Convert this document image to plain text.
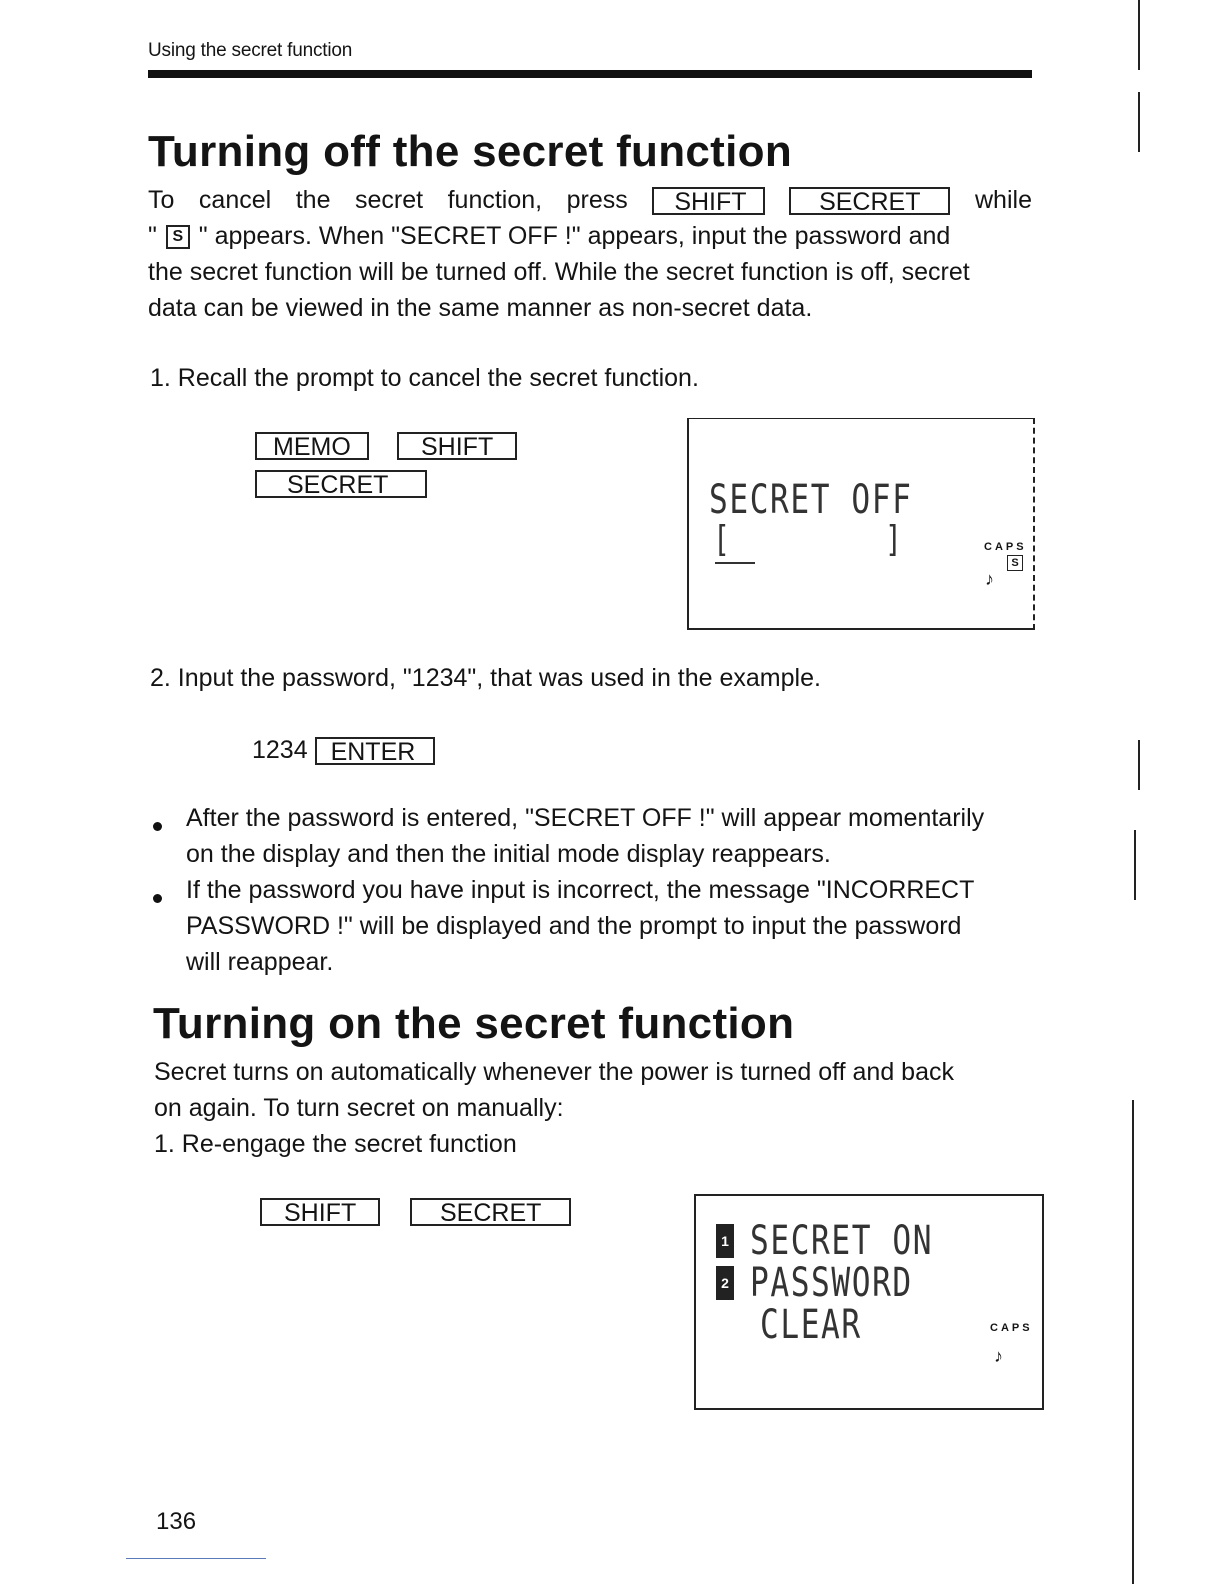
Using the secret function
Turning off the secret function
To cancel the secret function, press SHIFT	SECRET while
" S " appears. When "SECRET OFF !" appears, input the password and
the secret function will be turned off. While the secret function is off, secret
data can be viewed in the same manner as non-secret data.
1. Recall the prompt to cancel the secret function.
MEMO	SHIFT
SECRET	SECRET OFF
[	]	CAPS
S
♪
2. Input the password, "1234", that was used in the example.
1234 ENTER
After the password is entered, "SECRET OFF !" will appear momentarily
on the display and then the initial mode display reappears.
If the password you have input is incorrect, the message "INCORRECT
PASSWORD !" will be displayed and the prompt to input the password
will reappear.
Turning on the secret function
Secret turns on automatically whenever the power is turned off and back
on again. To turn secret on manually:
1. Re-engage the secret function
SHIFT	SECRET
1 SECRET ON
2 PASSWORD
CLEAR	CAPS
♪
136
